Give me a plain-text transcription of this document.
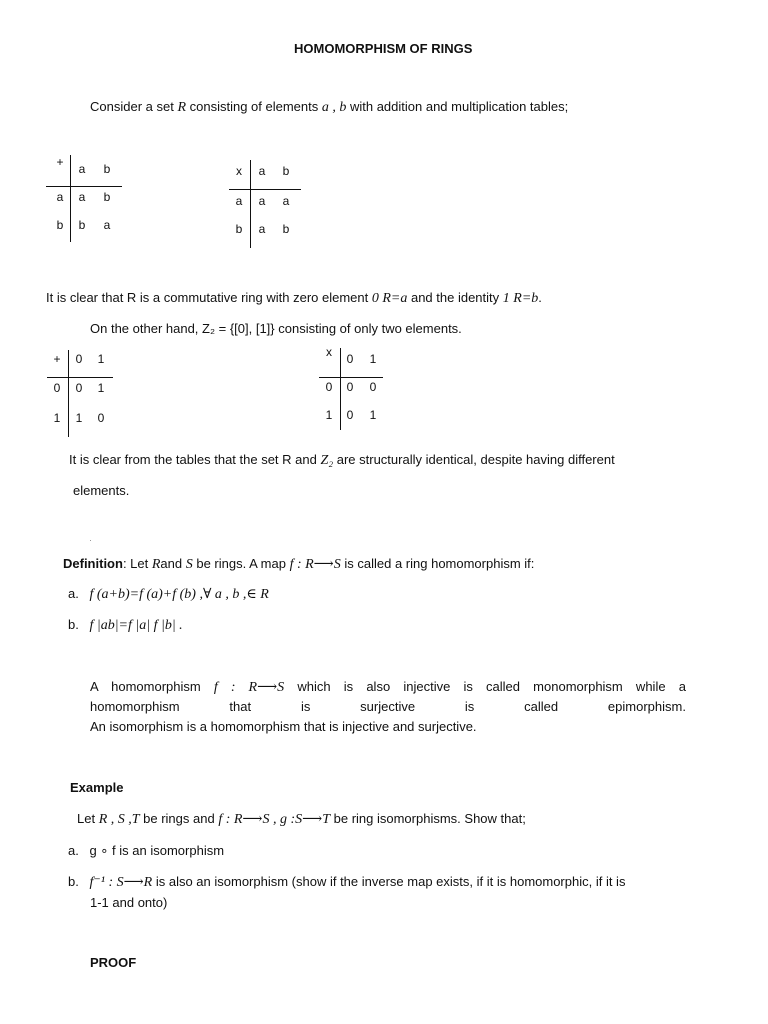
HOMOMORPHISM OF RINGS
Consider a set R consisting of elements a , b with addition and multiplication tables;
+	a	b
a	a	b
b	b	a
x	a	b
a	a	a
b	a	b
It is clear that R is a commutative ring with zero element 0 R=a and the identity 1 R=b.
On the other hand, Z₂ = {[0], [1]} consisting of only two elements.
+	0	1
0	0	1
1	1	0
x	0	1
0	0	0
1	0	1
It is clear from the tables that the set R and Z₂ are structurally identical, despite having different
elements.
Definition: Let Rand S be rings. A map f : R⟶S is called a ring homomorphism if:
a. f (a+b)=f (a)+f (b) ,∀ a , b ,∈ R
b. f |ab|=f |a| f |b| .
A homomorphism f : R⟶S which is also injective is called monomorphism while a
homomorphism	that	is	surjective	is	called	epimorphism.
An isomorphism is a homomorphism that is injective and surjective.
Example
Let R , S ,T be rings and f : R⟶S , g :S⟶T be ring isomorphisms. Show that;
a. g ∘ f is an isomorphism
b. f⁻¹ : S⟶R is also an isomorphism (show if the inverse map exists, if it is homomorphic, if it is
1-1 and onto)
PROOF
